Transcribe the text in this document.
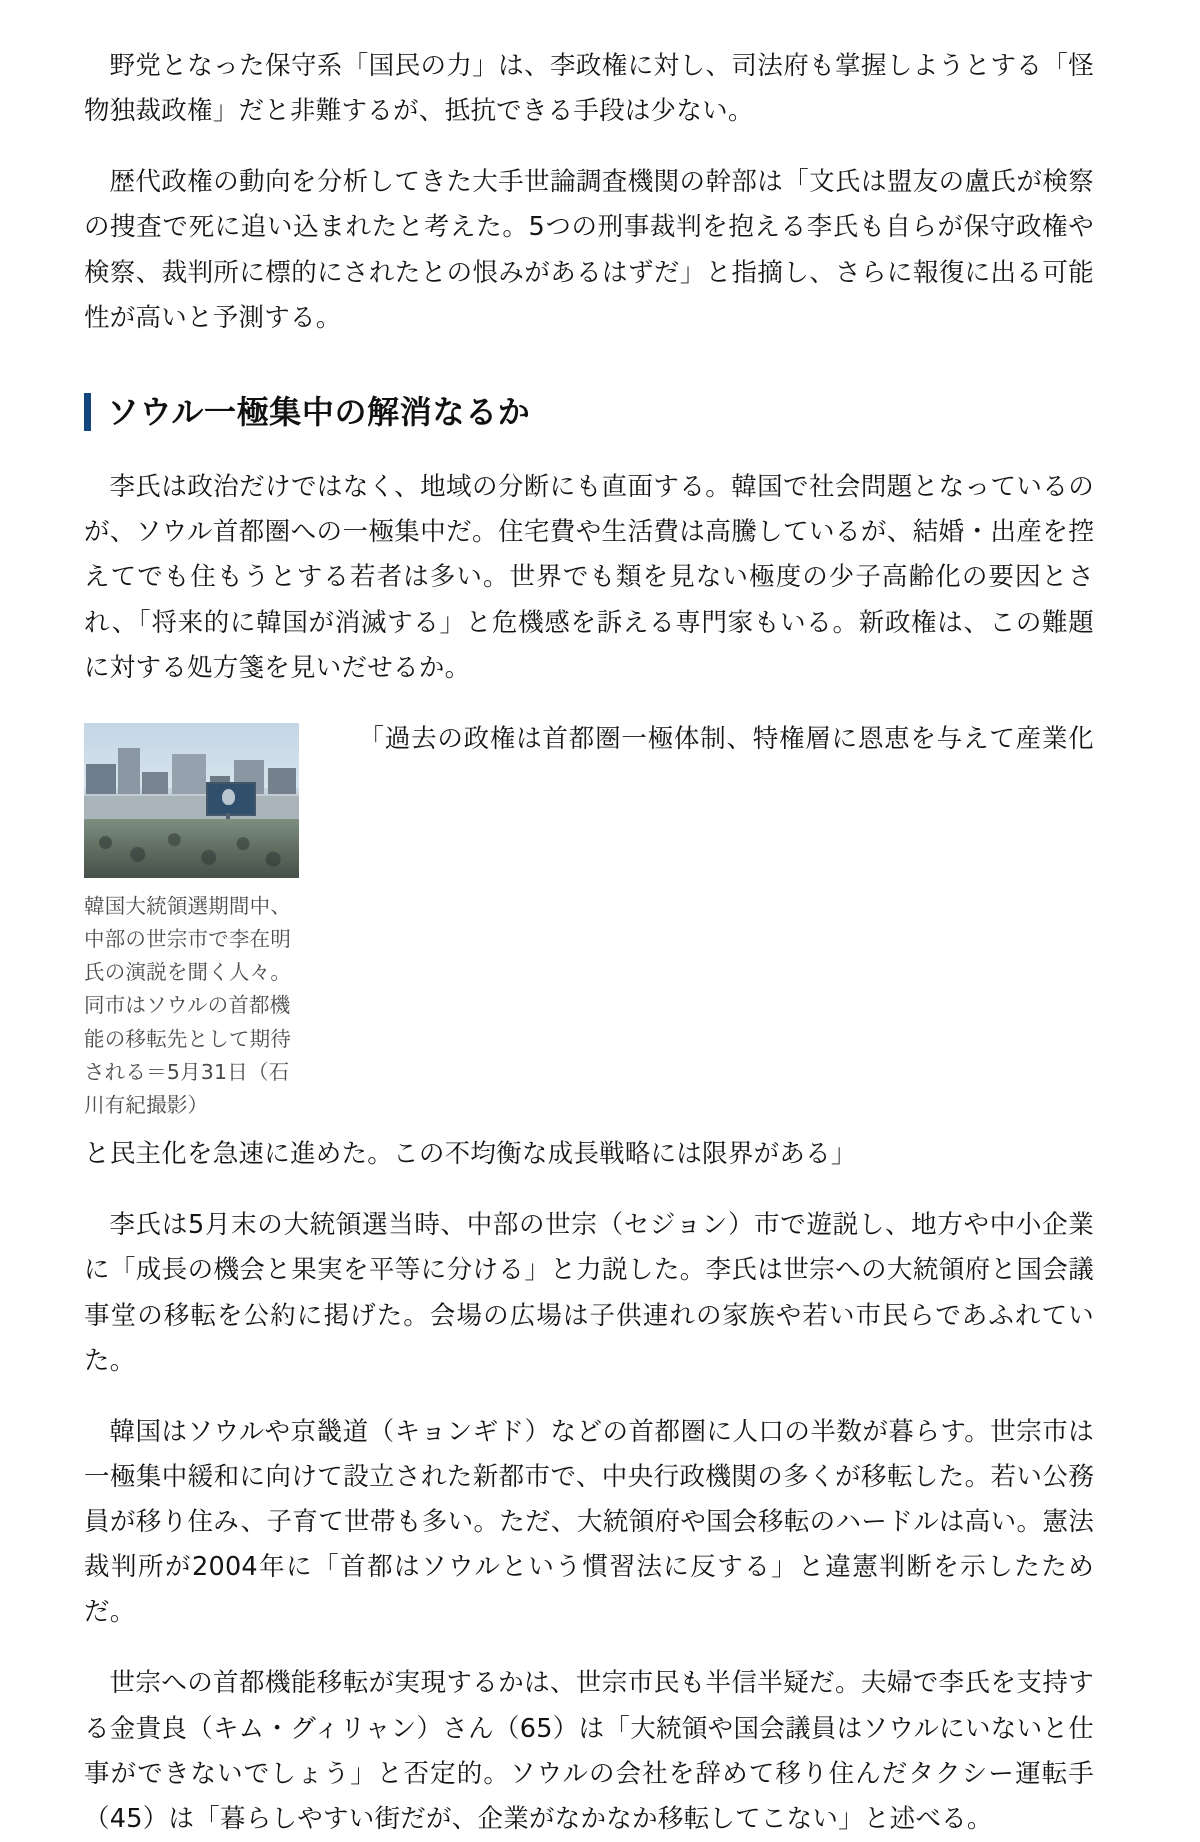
野党となった保守系「国民の力」は、李政権に対し、司法府も掌握しようとする「怪物独裁政権」だと非難するが、抵抗できる手段は少ない。

歴代政権の動向を分析してきた大手世論調査機関の幹部は「文氏は盟友の盧氏が検察の捜査で死に追い込まれたと考えた。5つの刑事裁判を抱える李氏も自らが保守政権や検察、裁判所に標的にされたとの恨みがあるはずだ」と指摘し、さらに報復に出る可能性が高いと予測する。

ソウル一極集中の解消なるか

李氏は政治だけではなく、地域の分断にも直面する。韓国で社会問題となっているのが、ソウル首都圏への一極集中だ。住宅費や生活費は高騰しているが、結婚・出産を控えてでも住もうとする若者は多い。世界でも類を見ない極度の少子高齢化の要因とされ、「将来的に韓国が消滅する」と危機感を訴える専門家もいる。新政権は、この難題に対する処方箋を見いだせるか。

韓国大統領選期間中、中部の世宗市で李在明氏の演説を聞く人々。同市はソウルの首都機能の移転先として期待される＝5月31日（石川有紀撮影）

「過去の政権は首都圏一極体制、特権層に恩恵を与えて産業化と民主化を急速に進めた。この不均衡な成長戦略には限界がある」

李氏は5月末の大統領選当時、中部の世宗（セジョン）市で遊説し、地方や中小企業に「成長の機会と果実を平等に分ける」と力説した。李氏は世宗への大統領府と国会議事堂の移転を公約に掲げた。会場の広場は子供連れの家族や若い市民らであふれていた。

韓国はソウルや京畿道（キョンギド）などの首都圏に人口の半数が暮らす。世宗市は一極集中緩和に向けて設立された新都市で、中央行政機関の多くが移転した。若い公務員が移り住み、子育て世帯も多い。ただ、大統領府や国会移転のハードルは高い。憲法裁判所が2004年に「首都はソウルという慣習法に反する」と違憲判断を示したためだ。

世宗への首都機能移転が実現するかは、世宗市民も半信半疑だ。夫婦で李氏を支持する金貴良（キム・グィリャン）さん（65）は「大統領や国会議員はソウルにいないと仕事ができないでしょう」と否定的。ソウルの会社を辞めて移り住んだタクシー運転手（45）は「暮らしやすい街だが、企業がなかなか移転してこない」と述べる。
